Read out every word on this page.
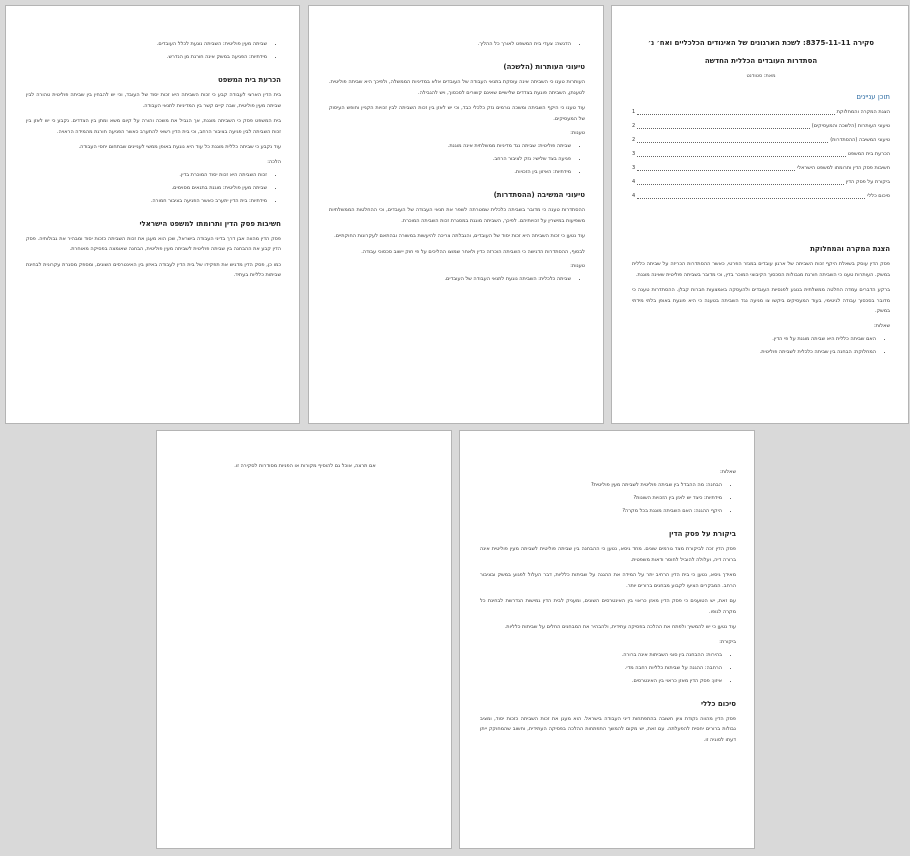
סקירה 8375-11-11: לשכת הארגונים של האיגודים הכלכליים ואח׳ נ׳
הסתדרות העובדים הכללית החדשה
מאת: סטודנט
תוכן עניינים
הצגת המקרה והמחלוקת
1
טיעוני העותרות (הלשכה והמעסיקים)
2
טיעוני המשיבה (ההסתדרות)
2
הכרעת בית המשפט
3
חשיבות פסק הדין ותרומתו למשפט הישראלי
3
ביקורת על פסק הדין
4
סיכום כללי
4
הצגת המקרה והמחלוקת

פסק הדין עוסק בשאלת היקף זכות השביתה של ארגון עובדים במגזר הפרטי, כאשר ההסתדרות הכריזה על שביתה כללית במשק. העותרות טענו כי השביתה חורגת מגבולות הסכסוך הקיבוצי המוכר בדין, וכי מדובר בשביתה פוליטית שאינה מוגנת.

ברקע הדברים עמדה החלטה ממשלתית בנוגע לפנסיות העובדים ולהעסקה באמצעות חברות קבלן. ההסתדרות טענה כי מדובר בסכסוך עבודה לגיטימי, בעוד המעסיקים ביקשו צו מניעה נגד השביתה בטענה כי היא פוגעת באופן בלתי מידתי במשק.

שאלות:
• האם שביתה כללית היא שביתה מוגנת על פי הדין.
• המחלוקת: הבחנה בין שביתה כלכלית לשביתה פוליטית.
• הדגשה: צעדי בית המשפט לאורך כל ההליך.
טיעוני העותרות (הלשכה)

העותרות טענו כי השביתה אינה עוסקת בתנאי העבודה של העובדים אלא במדיניות הממשלה, ולפיכך היא שביתה פוליטית. לטענתן, השביתה פוגעת בצדדים שלישיים שאינם קשורים לסכסוך, ויש להגבילה.

עוד טענו כי היקף השביתה ומשכה גורמים נזק כלכלי כבד, וכי יש לאזן בין זכות השביתה לבין זכויות הקניין וחופש העיסוק של המעסיקים.

טענות:
• שביתה פוליטית: שביתה נגד מדיניות ממשלתית אינה מוגנת.
• פגיעה בצד שלישי: נזק לציבור הרחב.
• מידתיות: האיזון בין הזכויות.
טיעוני המשיבה (ההסתדרות)

ההסתדרות טענה כי מדובר בשביתה כלכלית שמטרתה לשפר את תנאי העבודה של העובדים, וכי ההחלטות הממשלתיות משפיעות במישרין על זכויותיהם. לפיכך, השביתה מוגנת במסגרת זכות השביתה המוכרת.

עוד נטען כי זכות השביתה היא זכות יסוד של העובדים, והגבלתה צריכה להיעשות במשורה ובהתאם לעקרונות החוקתיים.

לבסוף, ההסתדרות הדגישה כי השביתה הוכרזה כדין ולאחר שמוצו ההליכים על פי חוק יישוב סכסוכי עבודה.

טענות:
• שביתה כלכלית: השביתה נוגעת לתנאי העבודה של העובדים.
• שביתה מעין פוליטית: השביתה נוגעת לכלל העובדים.
• מידתיות: הפגיעה במשק אינה חורגת מן הנדרש.
הכרעת בית המשפט

בית הדין הארצי לעבודה קבע כי זכות השביתה היא זכות יסוד של העובד, וכי יש להבחין בין שביתה פוליטית טהורה לבין שביתה מעין פוליטית, שבה קיים קשר בין המדיניות לתנאי העבודה.

בית המשפט פסק כי השביתה מוגנת, אך הגביל את משכה והורה על קיום משא ומתן בין הצדדים. נקבע כי יש לאזן בין זכות השביתה לבין פגיעה בציבור הרחב, וכי בית הדין רשאי להתערב כאשר הפגיעה חורגת מהמידה הראויה.

עוד נקבע כי שביתה כללית מוגנת כל עוד היא נוגעת באופן ממשי לעניינים שבתחום יחסי העבודה.

הלכה:
• זכות השביתה היא זכות יסוד המוכרת בדין.
• שביתה מעין פוליטית: מוגנת בתנאים מסוימים.
• מידתיות: בית הדין יתערב כאשר הפגיעה בציבור חמורה.
חשיבות פסק הדין ותרומתו למשפט הישראלי

פסק הדין מהווה אבן דרך בדיני העבודה בישראל, שכן הוא מעגן את זכות השביתה כזכות יסוד ומבהיר את גבולותיה. פסק הדין קבע את ההבחנה בין שביתה פוליטית לשביתה מעין פוליטית, הבחנה שאומצה בפסיקה מאוחרת.

כמו כן, פסק הדין מדגיש את תפקידו של בית הדין לעבודה באיזון בין האינטרסים השונים, ומספק מסגרת עקרונית לבחינת שביתות כלליות בעתיד.

שאלות:
• הבחנה: מה ההבדל בין שביתה פוליטית לשביתה מעין פוליטית?
• מידתיות: כיצד יש לאזן בין הזכויות השונות?
• היקף ההגנה: האם השביתה מוגנת בכל מקרה?
ביקורת על פסק הדין

פסק הדין זכה לביקורת מצד גורמים שונים. מחד גיסא, נטען כי ההבחנה בין שביתה פוליטית לשביתה מעין פוליטית אינה ברורה דיה, ועלולה להוביל לחוסר ודאות משפטית.

מאידך גיסא, נטען כי בית הדין הרחיב יתר על המידה את ההגנה על שביתות כלליות, דבר העלול לפגוע במשק ובציבור הרחב. המבקרים הציעו לקבוע מבחנים ברורים יותר.

עם זאת, יש הטוענים כי פסק הדין מאזן כראוי בין האינטרסים השונים, ומעניק לבית הדין גמישות הנדרשת לבחינת כל מקרה לגופו.

עוד נטען כי יש להמשיך ולפתח את ההלכה בפסיקה עתידית, ולהבהיר את המבחנים החלים על שביתות כלליות.

ביקורת:
• בהירות: ההבחנה בין סוגי השביתות אינה ברורה.
• הרחבה: ההגנה על שביתות כלליות רחבה מדי.
• איזון: פסק הדין מאזן כראוי בין האינטרסים.
סיכום כללי

פסק הדין מהווה נקודת ציון חשובה בהתפתחות דיני העבודה בישראל. הוא מעגן את זכות השביתה כזכות יסוד, ומציב גבולות ברורים יחסית להפעלתה. עם זאת, יש מקום להמשך התפתחות ההלכה בפסיקה העתידית, וחשוב שהמחוקק ייתן דעתו לסוגיה זו.

אם תרצה, אוכל גם להוסיף מקורות או הפניות מסודרות לסקירה זו.
